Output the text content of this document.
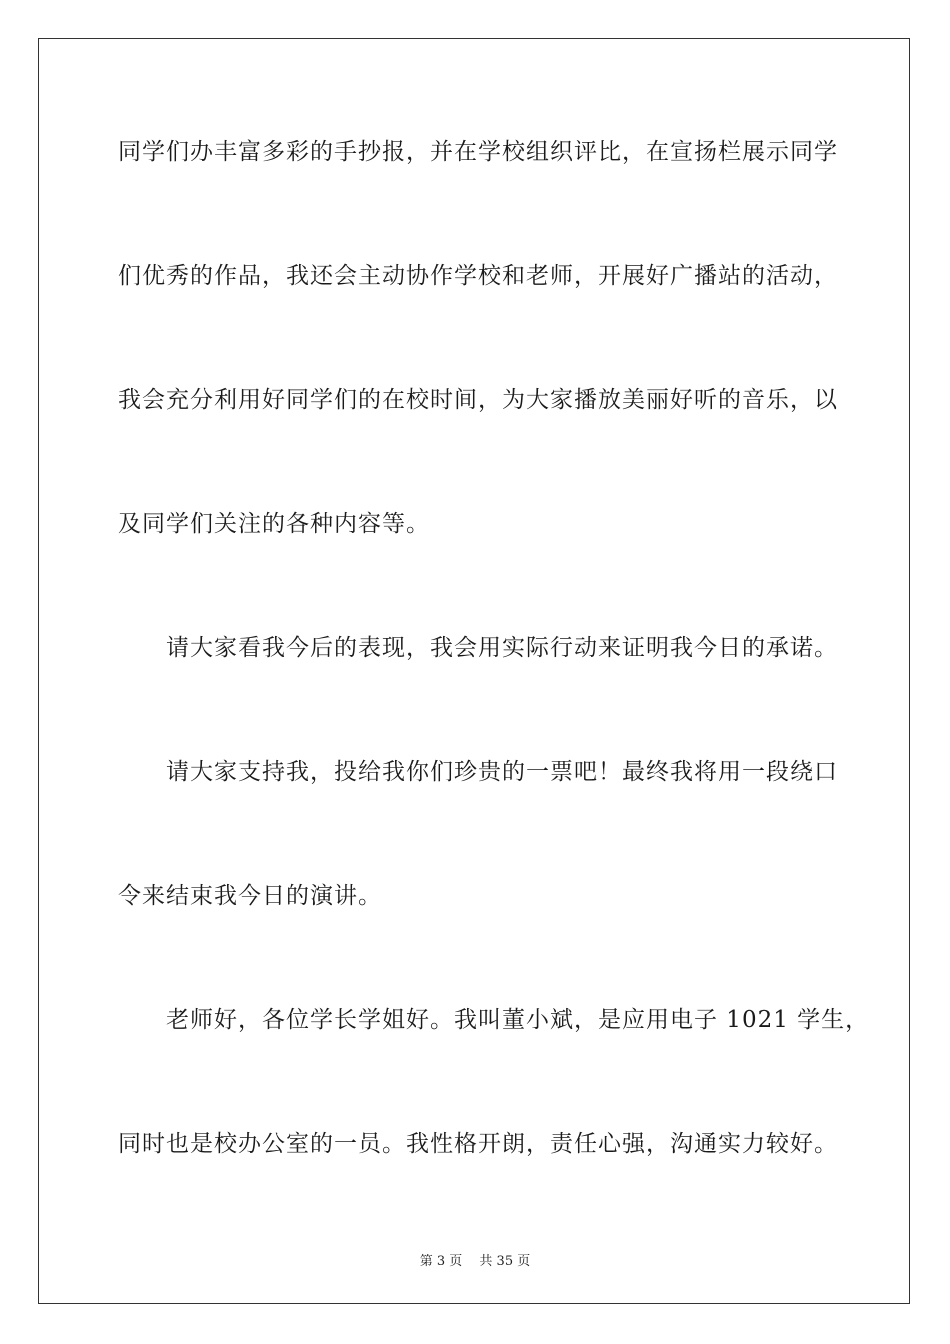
同学们办丰富多彩的手抄报，并在学校组织评比，在宣扬栏展示同学
们优秀的作品，我还会主动协作学校和老师，开展好广播站的活动，
我会充分利用好同学们的在校时间，为大家播放美丽好听的音乐，以
及同学们关注的各种内容等。
　　请大家看我今后的表现，我会用实际行动来证明我今日的承诺。
　　请大家支持我，投给我你们珍贵的一票吧！最终我将用一段绕口
令来结束我今日的演讲。
　　老师好，各位学长学姐好。我叫董小斌，是应用电子 1021 学生，
同时也是校办公室的一员。我性格开朗，责任心强，沟通实力较好。
第 3 页　 共 35 页
